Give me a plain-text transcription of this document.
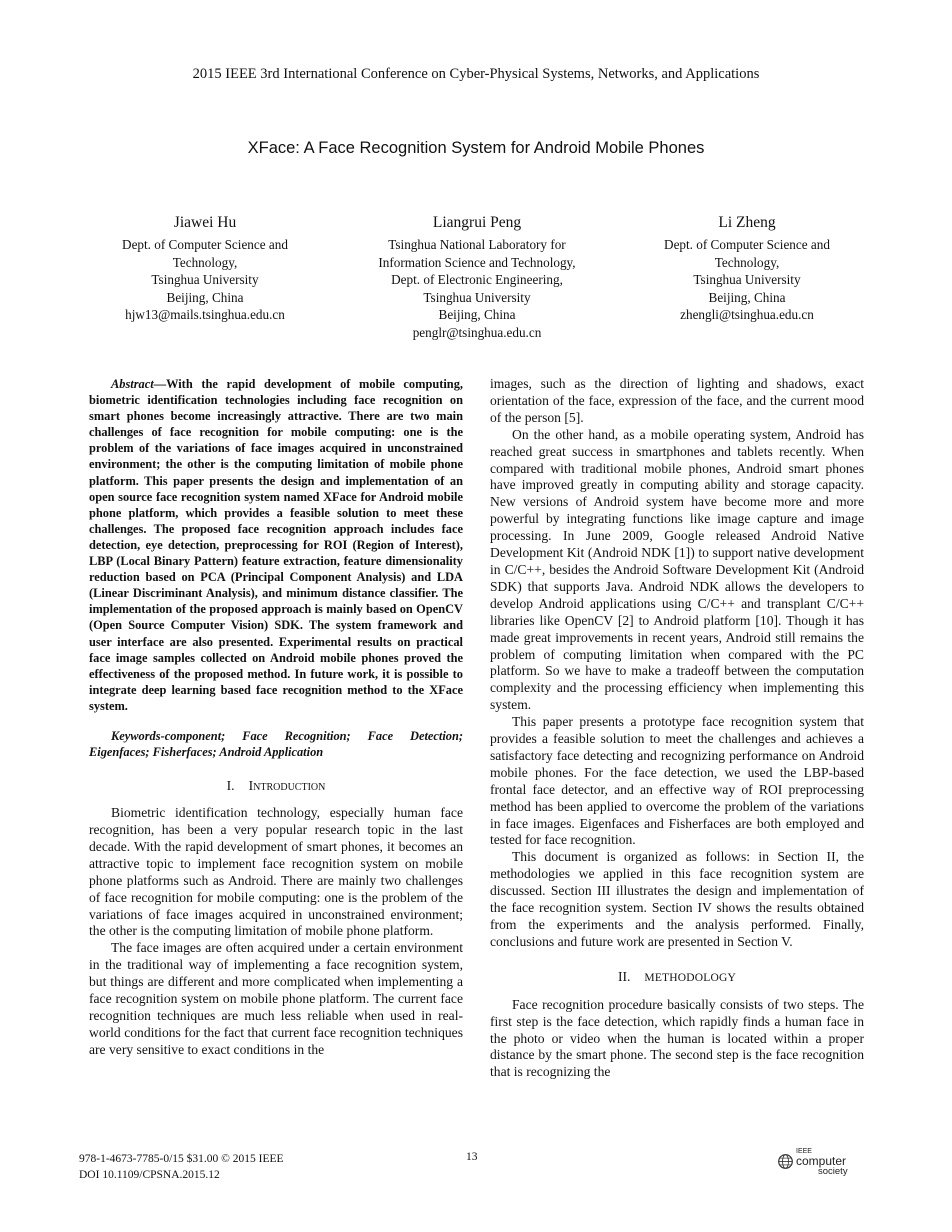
2015 IEEE 3rd International Conference on Cyber-Physical Systems, Networks, and Applications
XFace: A Face Recognition System for Android Mobile Phones
Jiawei Hu
Dept. of Computer Science and
Technology,
Tsinghua University
Beijing, China
hjw13@mails.tsinghua.edu.cn
Liangrui Peng
Tsinghua National Laboratory for
Information Science and Technology,
Dept. of Electronic Engineering,
Tsinghua University
Beijing, China
penglr@tsinghua.edu.cn
Li Zheng
Dept. of Computer Science and
Technology,
Tsinghua University
Beijing, China
zhengli@tsinghua.edu.cn

Abstract—With the rapid development of mobile computing, biometric identification technologies including face recognition on smart phones become increasingly attractive. There are two main challenges of face recognition for mobile computing: one is the problem of the variations of face images acquired in unconstrained environment; the other is the computing limitation of mobile phone platform. This paper presents the design and implementation of an open source face recognition system named XFace for Android mobile phone platform, which provides a feasible solution to meet these challenges. The proposed face recognition approach includes face detection, eye detection, preprocessing for ROI (Region of Interest), LBP (Local Binary Pattern) feature extraction, feature dimensionality reduction based on PCA (Principal Component Analysis) and LDA (Linear Discriminant Analysis), and minimum distance classifier. The implementation of the proposed approach is mainly based on OpenCV (Open Source Computer Vision) SDK. The system framework and user interface are also presented. Experimental results on practical face image samples collected on Android mobile phones proved the effectiveness of the proposed method. In future work, it is possible to integrate deep learning based face recognition method to the XFace system.

Keywords-component; Face Recognition; Face Detection; Eigenfaces; Fisherfaces; Android Application

I. Introduction

Biometric identification technology, especially human face recognition, has been a very popular research topic in the last decade. With the rapid development of smart phones, it becomes an attractive topic to implement face recognition system on mobile phone platforms such as Android. There are mainly two challenges of face recognition for mobile computing: one is the problem of the variations of face images acquired in unconstrained environment; the other is the computing limitation of mobile phone platform.

The face images are often acquired under a certain environment in the traditional way of implementing a face recognition system, but things are different and more complicated when implementing a face recognition system on mobile phone platform. The current face recognition techniques are much less reliable when used in real-world conditions for the fact that current face recognition techniques are very sensitive to exact conditions in the

images, such as the direction of lighting and shadows, exact orientation of the face, expression of the face, and the current mood of the person [5].

On the other hand, as a mobile operating system, Android has reached great success in smartphones and tablets recently. When compared with traditional mobile phones, Android smart phones have improved greatly in computing ability and storage capacity. New versions of Android system have become more and more powerful by integrating functions like image capture and image processing. In June 2009, Google released Android Native Development Kit (Android NDK [1]) to support native development in C/C++, besides the Android Software Development Kit (Android SDK) that supports Java. Android NDK allows the developers to develop Android applications using C/C++ and transplant C/C++ libraries like OpenCV [2] to Android platform [10]. Though it has made great improvements in recent years, Android still remains the problem of computing limitation when compared with the PC platform. So we have to make a tradeoff between the computation complexity and the processing efficiency when implementing this system.

This paper presents a prototype face recognition system that provides a feasible solution to meet the challenges and achieves a satisfactory face detecting and recognizing performance on Android mobile phones. For the face detection, we used the LBP-based frontal face detector, and an effective way of ROI preprocessing method has been applied to overcome the problem of the variations in face images. Eigenfaces and Fisherfaces are both employed and tested for face recognition.

This document is organized as follows: in Section II, the methodologies we applied in this face recognition system are discussed. Section III illustrates the design and implementation of the face recognition system. Section IV shows the results obtained from the experiments and the analysis performed. Finally, conclusions and future work are presented in Section V.

II. METHODOLOGY

Face recognition procedure basically consists of two steps. The first step is the face detection, which rapidly finds a human face in the photo or video when the human is located within a proper distance by the smart phone. The second step is the face recognition that is recognizing the

978-1-4673-7785-0/15 $31.00 © 2015 IEEE
DOI 10.1109/CPSNA.2015.12
13	IEEE
computer
society
